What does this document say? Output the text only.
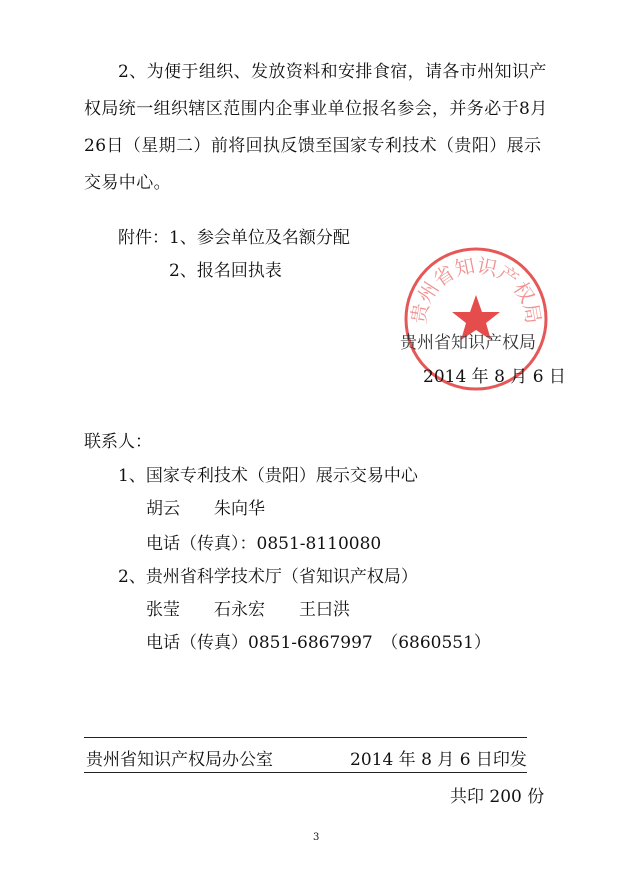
2、为便于组织、发放资料和安排食宿，请各市州知识产权局统一组织辖区范围内企事业单位报名参会，并务必于8月26日（星期二）前将回执反馈至国家专利技术（贵阳）展示交易中心。
附件：1、参会单位及名额分配
2、报名回执表
贵州省知识产权局
贵州省知识产权局
2014 年 8 月 6 日
联系人：
1、国家专利技术（贵阳）展示交易中心
胡云　　朱向华
电话（传真）：0851-8110080
2、贵州省科学技术厅（省知识产权局）
张莹　　石永宏　　王曰洪
电话（传真）0851-6867997　（6860551）
贵州省知识产权局办公室	2014 年 8 月 6 日印发
共印 200 份
3
